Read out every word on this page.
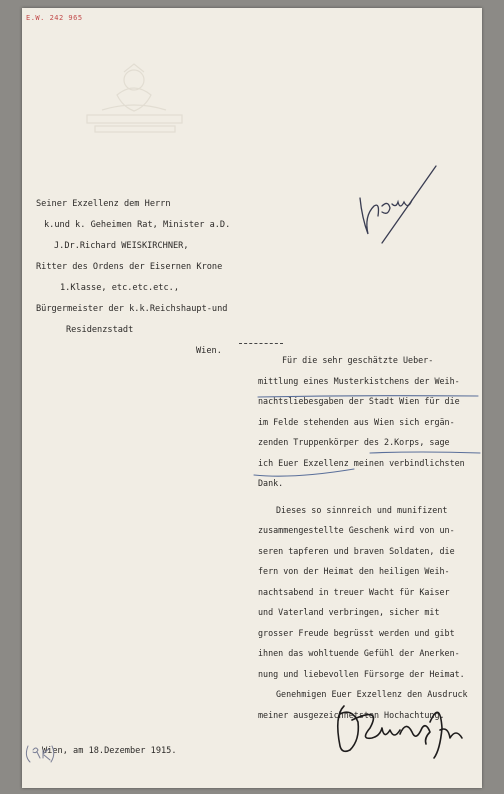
E.W. 242 965
Seiner Exzellenz dem Herrn
k.und k. Geheimen Rat, Minister a.D.
J.Dr.Richard WEISKIRCHNER,
Ritter des Ordens der Eisernen Krone
1.Klasse, etc.etc.etc.,
Bürgermeister der k.k.Reichshaupt-und
Residenzstadt
Wien.
Für die sehr geschätzte Ueber-
mittlung eines Musterkistchens der Weih-
nachtsliebesgaben der Stadt Wien für die
im Felde stehenden aus Wien sich ergän-
zenden Truppenkörper des 2.Korps, sage
ich Euer Exzellenz meinen verbindlichsten
Dank.
Dieses so sinnreich und munifizent
zusammengestellte Geschenk wird von un-
seren tapferen und braven Soldaten, die
fern von der Heimat den heiligen Weih-
nachtsabend in treuer Wacht für Kaiser
und Vaterland verbringen, sicher mit
grosser Freude begrüsst werden und gibt
ihnen das wohltuende Gefühl der Anerken-
nung und liebevollen Fürsorge der Heimat.
Genehmigen Euer Exzellenz den Ausdruck
meiner ausgezeichnetsten Hochachtung.
Wien, am 18.Dezember 1915.
